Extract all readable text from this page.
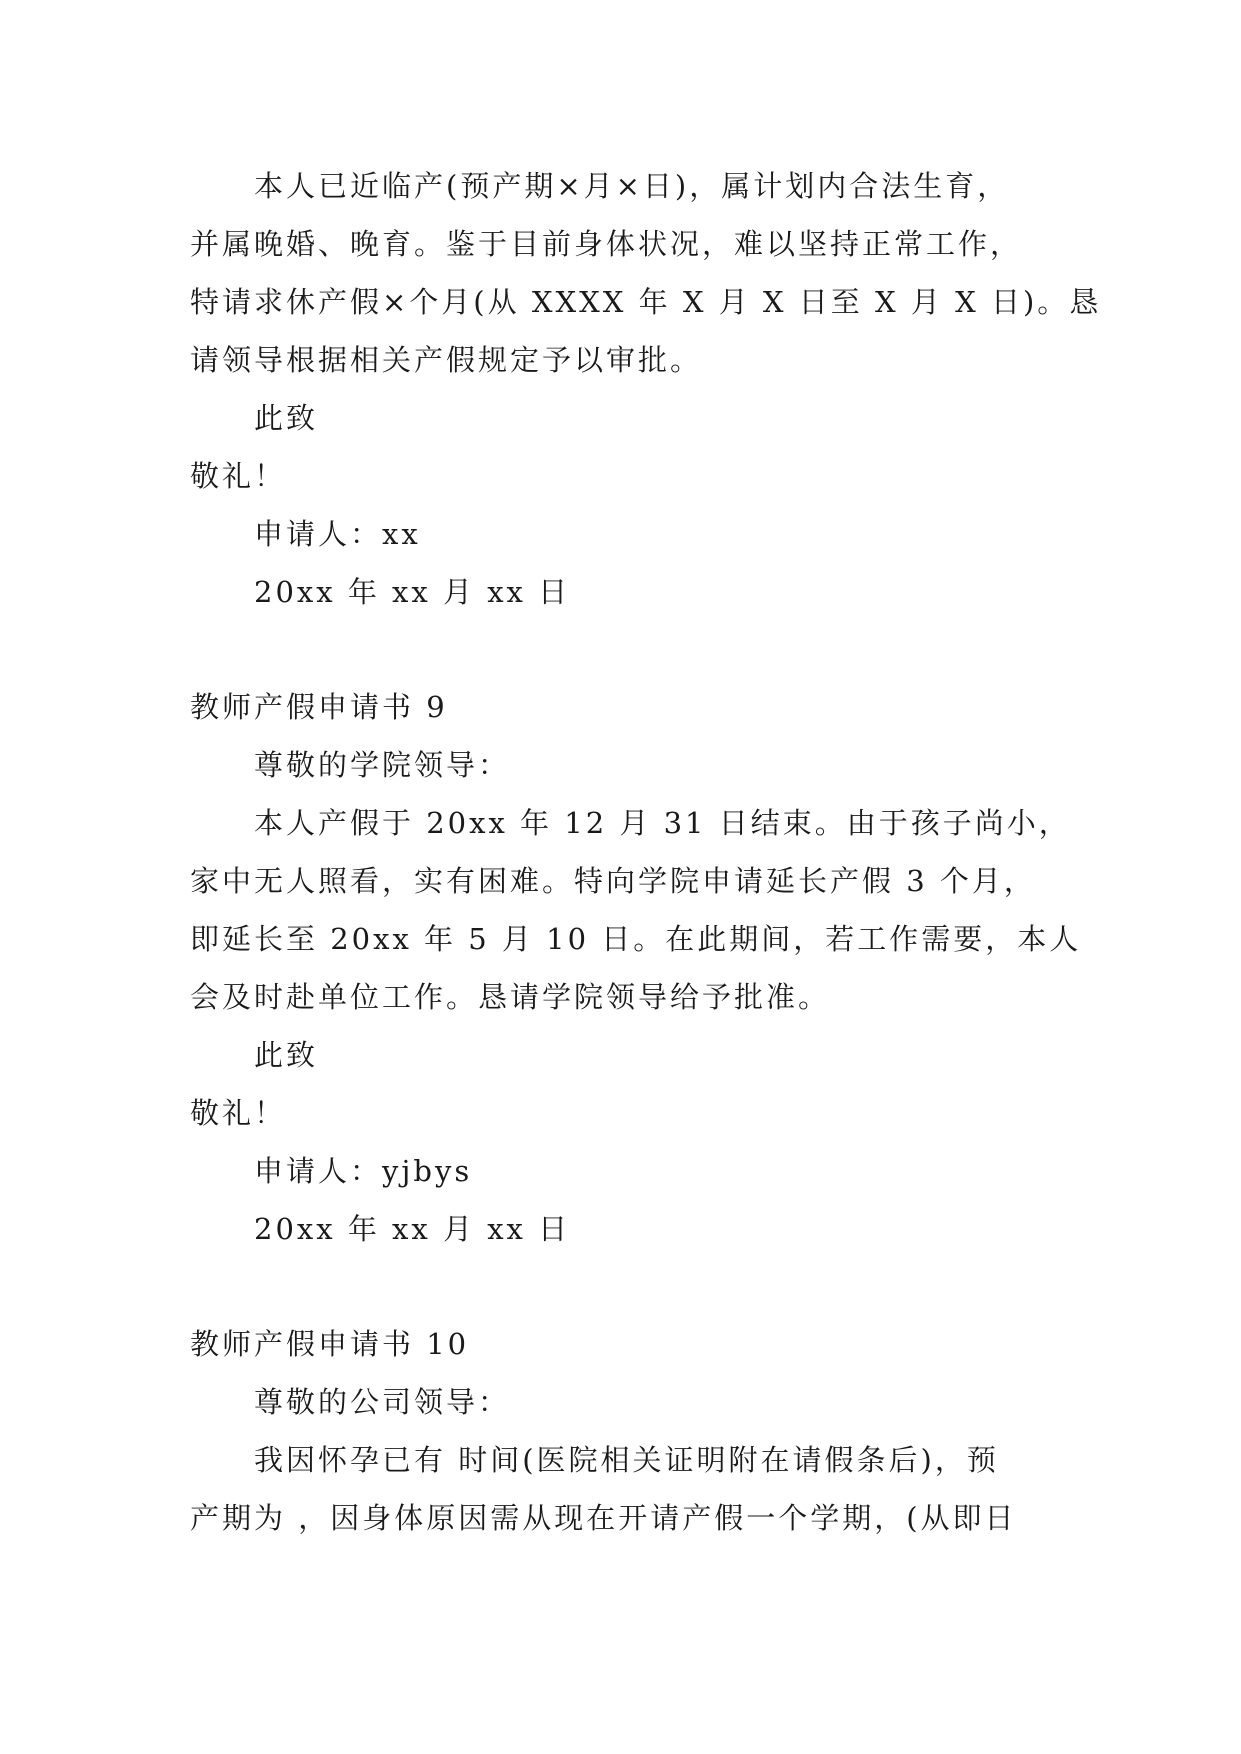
本人已近临产(预产期×月×日)，属计划内合法生育，
并属晚婚、晚育。鉴于目前身体状况，难以坚持正常工作，
特请求休产假×个月(从 XXXX 年 X 月 X 日至 X 月 X 日)。恳
请领导根据相关产假规定予以审批。
此致
敬礼！
申请人：xx
20xx 年 xx 月 xx 日
教师产假申请书 9
尊敬的学院领导：
本人产假于 20xx 年 12 月 31 日结束。由于孩子尚小，
家中无人照看，实有困难。特向学院申请延长产假 3 个月，
即延长至 20xx 年 5 月 10 日。在此期间，若工作需要，本人
会及时赴单位工作。恳请学院领导给予批准。
此致
敬礼！
申请人：yjbys
20xx 年 xx 月 xx 日
教师产假申请书 10
尊敬的公司领导：
我因怀孕已有 时间(医院相关证明附在请假条后)，预
产期为 ，因身体原因需从现在开请产假一个学期，(从即日
